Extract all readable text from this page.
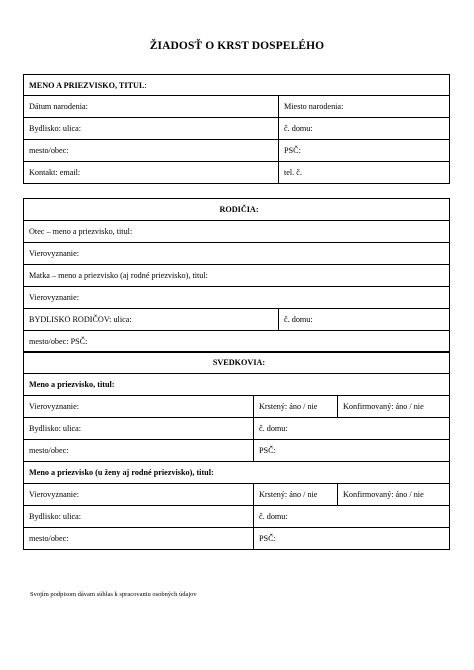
ŽIADOSŤ O KRST DOSPELÉHO
MENO A PRIEZVISKO, TITUL:	
Dátum narodenia:	Miesto narodenia:
Bydlisko: ulica:	č. domu:
mesto/obec:	PSČ:
Kontakt: email:	tel. č.
RODIČIA:
Otec – meno a priezvisko, titul:
Vierovyznanie:
Matka – meno a priezvisko (aj rodné priezvisko), titul:
Vierovyznanie:
BYDLISKO RODIČOV: ulica:	č. domu:
mesto/obec: PSČ:
SVEDKOVIA:		
Meno a priezvisko, titul:		
Vierovyznanie:	Krstený: áno / nie	Konfirmovaný: áno / nie
Bydlisko: ulica:	č. domu:	
mesto/obec:	PSČ:	
Meno a priezvisko (u ženy aj rodné priezvisko), titul:		
Vierovyznanie:	Krstený: áno / nie	Konfirmovaný: áno / nie
Bydlisko: ulica:	č. domu:	
mesto/obec:	PSČ:	
Svojím podpisom dávam súhlas k spracovaniu osobných údajov
